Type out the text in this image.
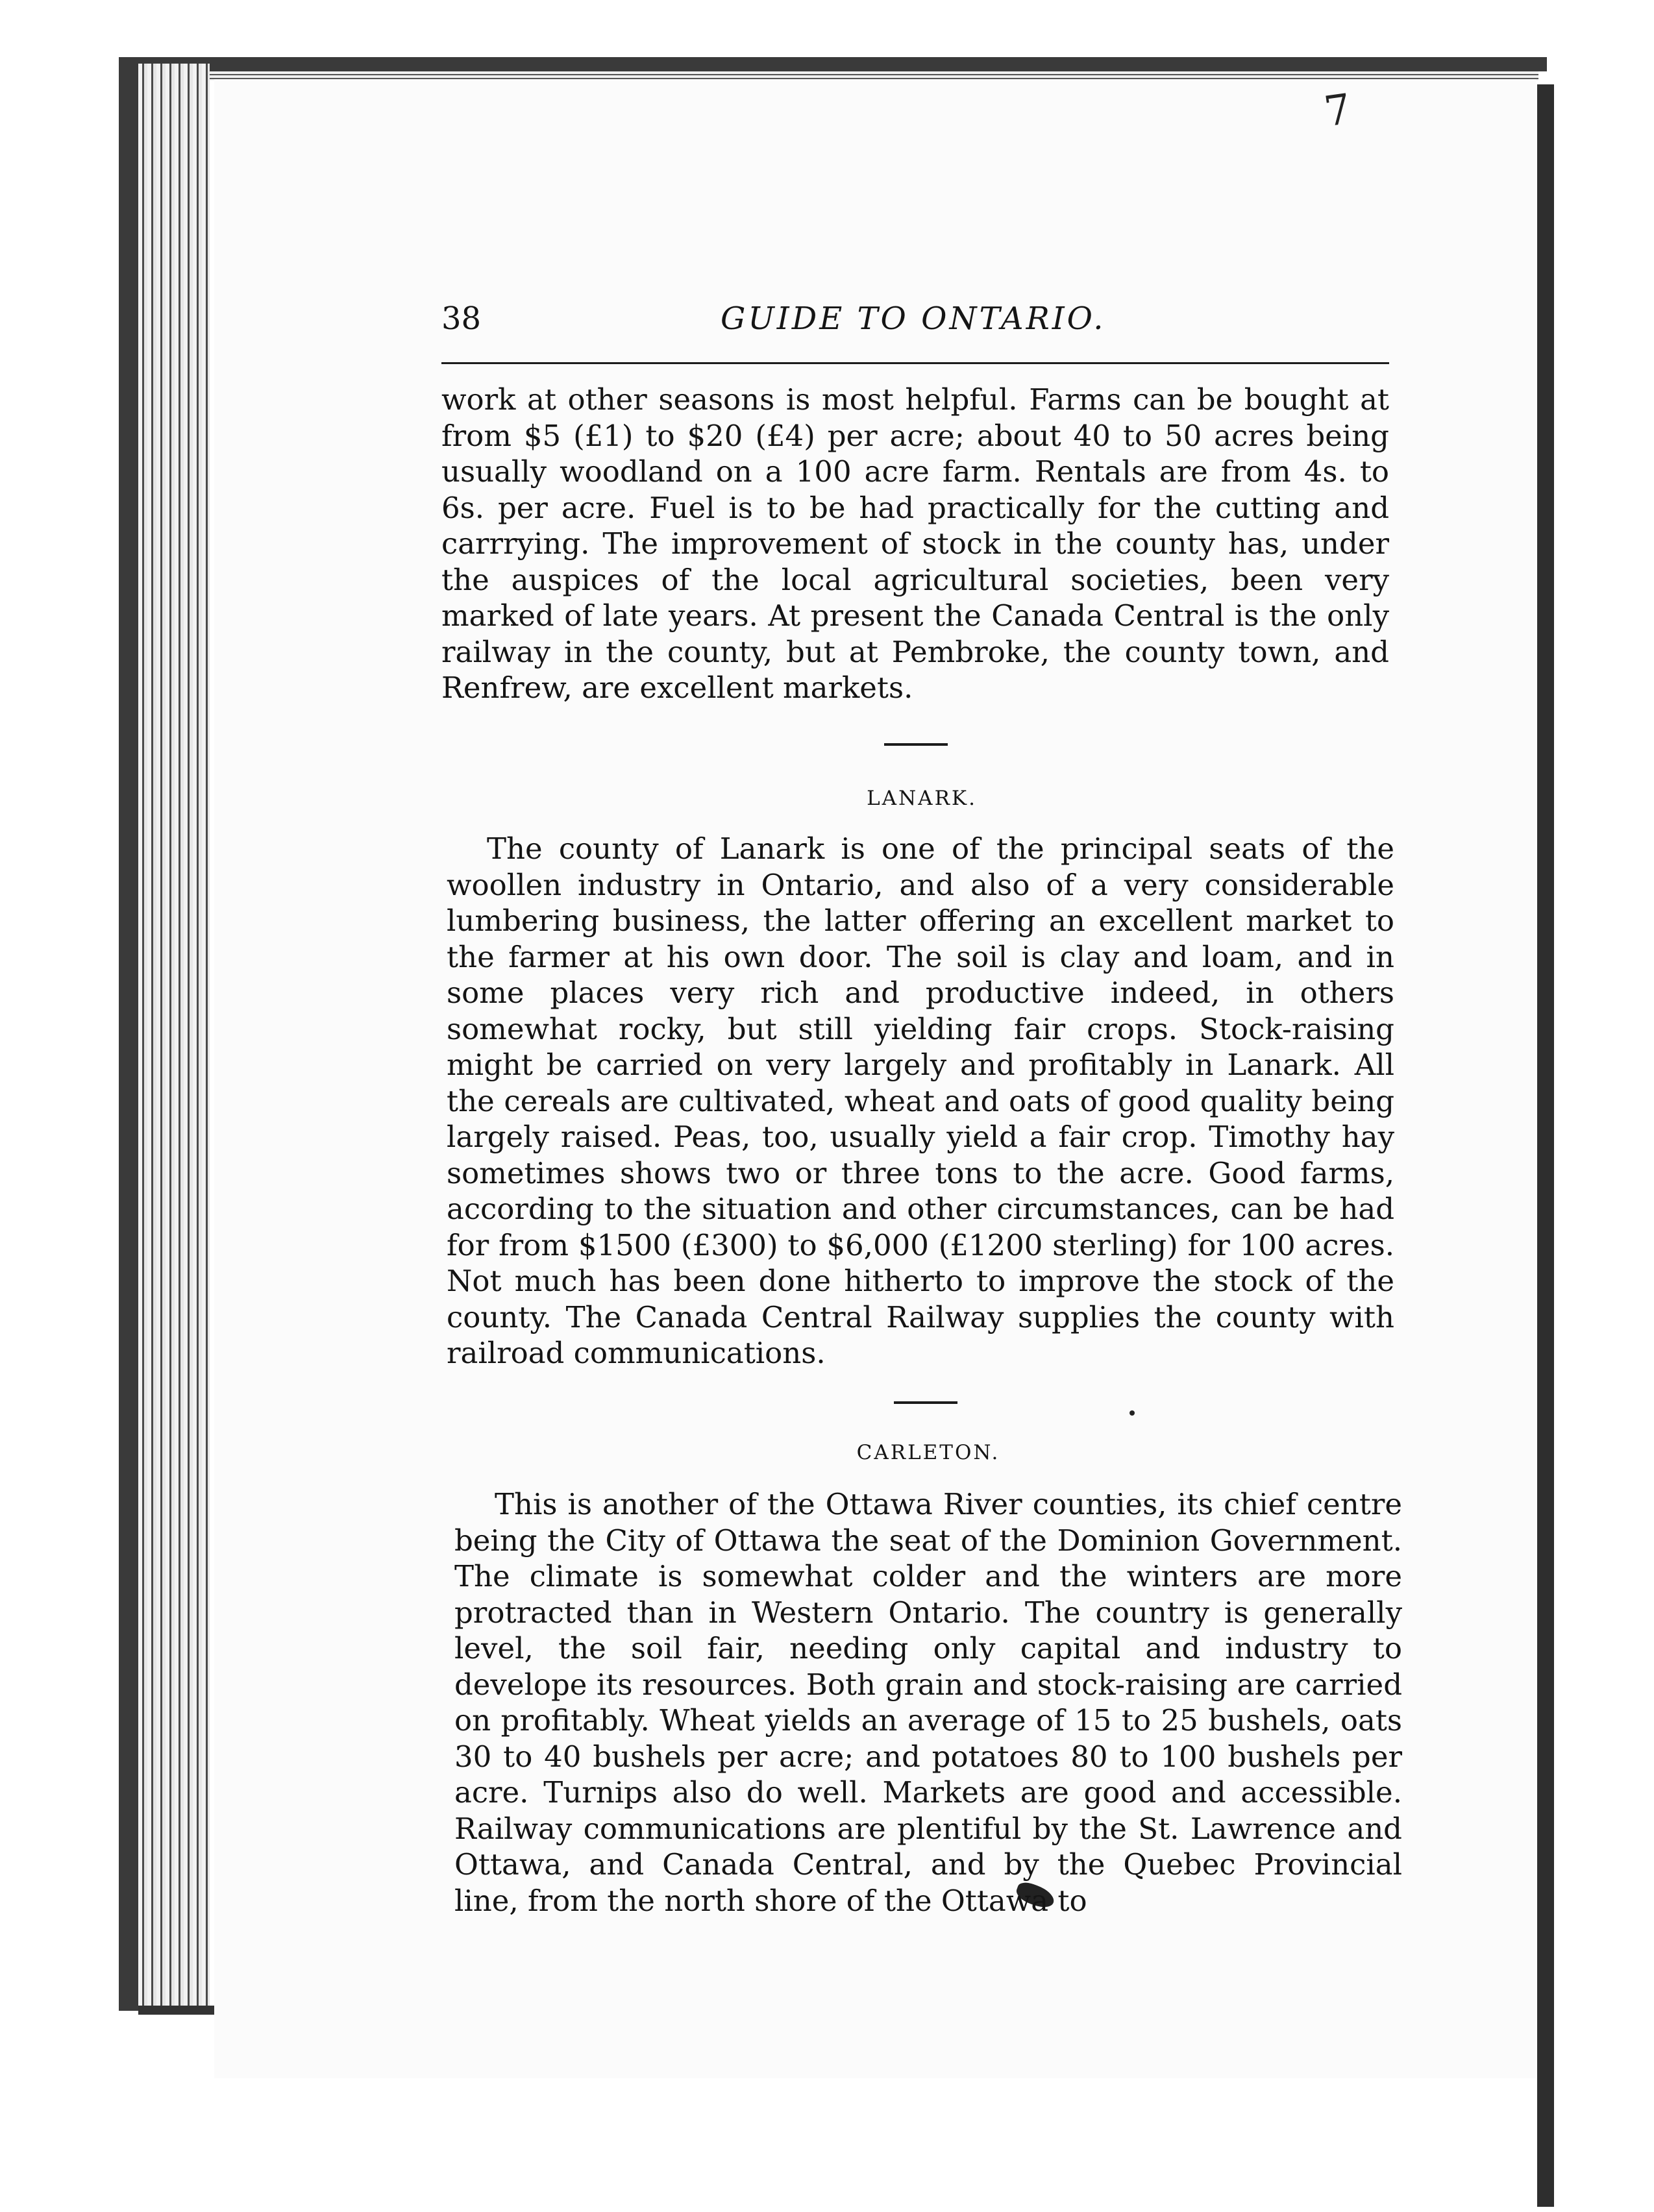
7
38	GUIDE TO ONTARIO.
work at other seasons is most helpful. Farms can be bought at from $5 (£1) to $20 (£4) per acre; about 40 to 50 acres being usually woodland on a 100 acre farm. Rentals are from 4s. to 6s. per acre. Fuel is to be had practically for the cutting and carrrying. The improvement of stock in the county has, under the auspices of the local agricultural societies, been very marked of late years. At present the Canada Central is the only railway in the county, but at Pembroke, the county town, and Renfrew, are excellent markets.
LANARK.
The county of Lanark is one of the principal seats of the woollen industry in Ontario, and also of a very considerable lumbering business, the latter offering an excellent market to the farmer at his own door. The soil is clay and loam, and in some places very rich and productive indeed, in others somewhat rocky, but still yielding fair crops. Stock-raising might be carried on very largely and profitably in Lanark. All the cereals are cultivated, wheat and oats of good quality being largely raised. Peas, too, usually yield a fair crop. Timothy hay sometimes shows two or three tons to the acre. Good farms, according to the situation and other circumstances, can be had for from $1500 (£300) to $6,000 (£1200 sterling) for 100 acres. Not much has been done hitherto to improve the stock of the county. The Canada Central Railway supplies the county with railroad communications.
CARLETON.
This is another of the Ottawa River counties, its chief centre being the City of Ottawa the seat of the Dominion Government. The climate is somewhat colder and the winters are more protracted than in Western Ontario. The country is generally level, the soil fair, needing only capital and industry to develope its resources. Both grain and stock-raising are carried on profitably. Wheat yields an average of 15 to 25 bushels, oats 30 to 40 bushels per acre; and potatoes 80 to 100 bushels per acre. Turnips also do well. Markets are good and accessible. Railway communications are plentiful by the St. Lawrence and Ottawa, and Canada Central, and by the Quebec Provincial line, from the north shore of the Ottawa to
